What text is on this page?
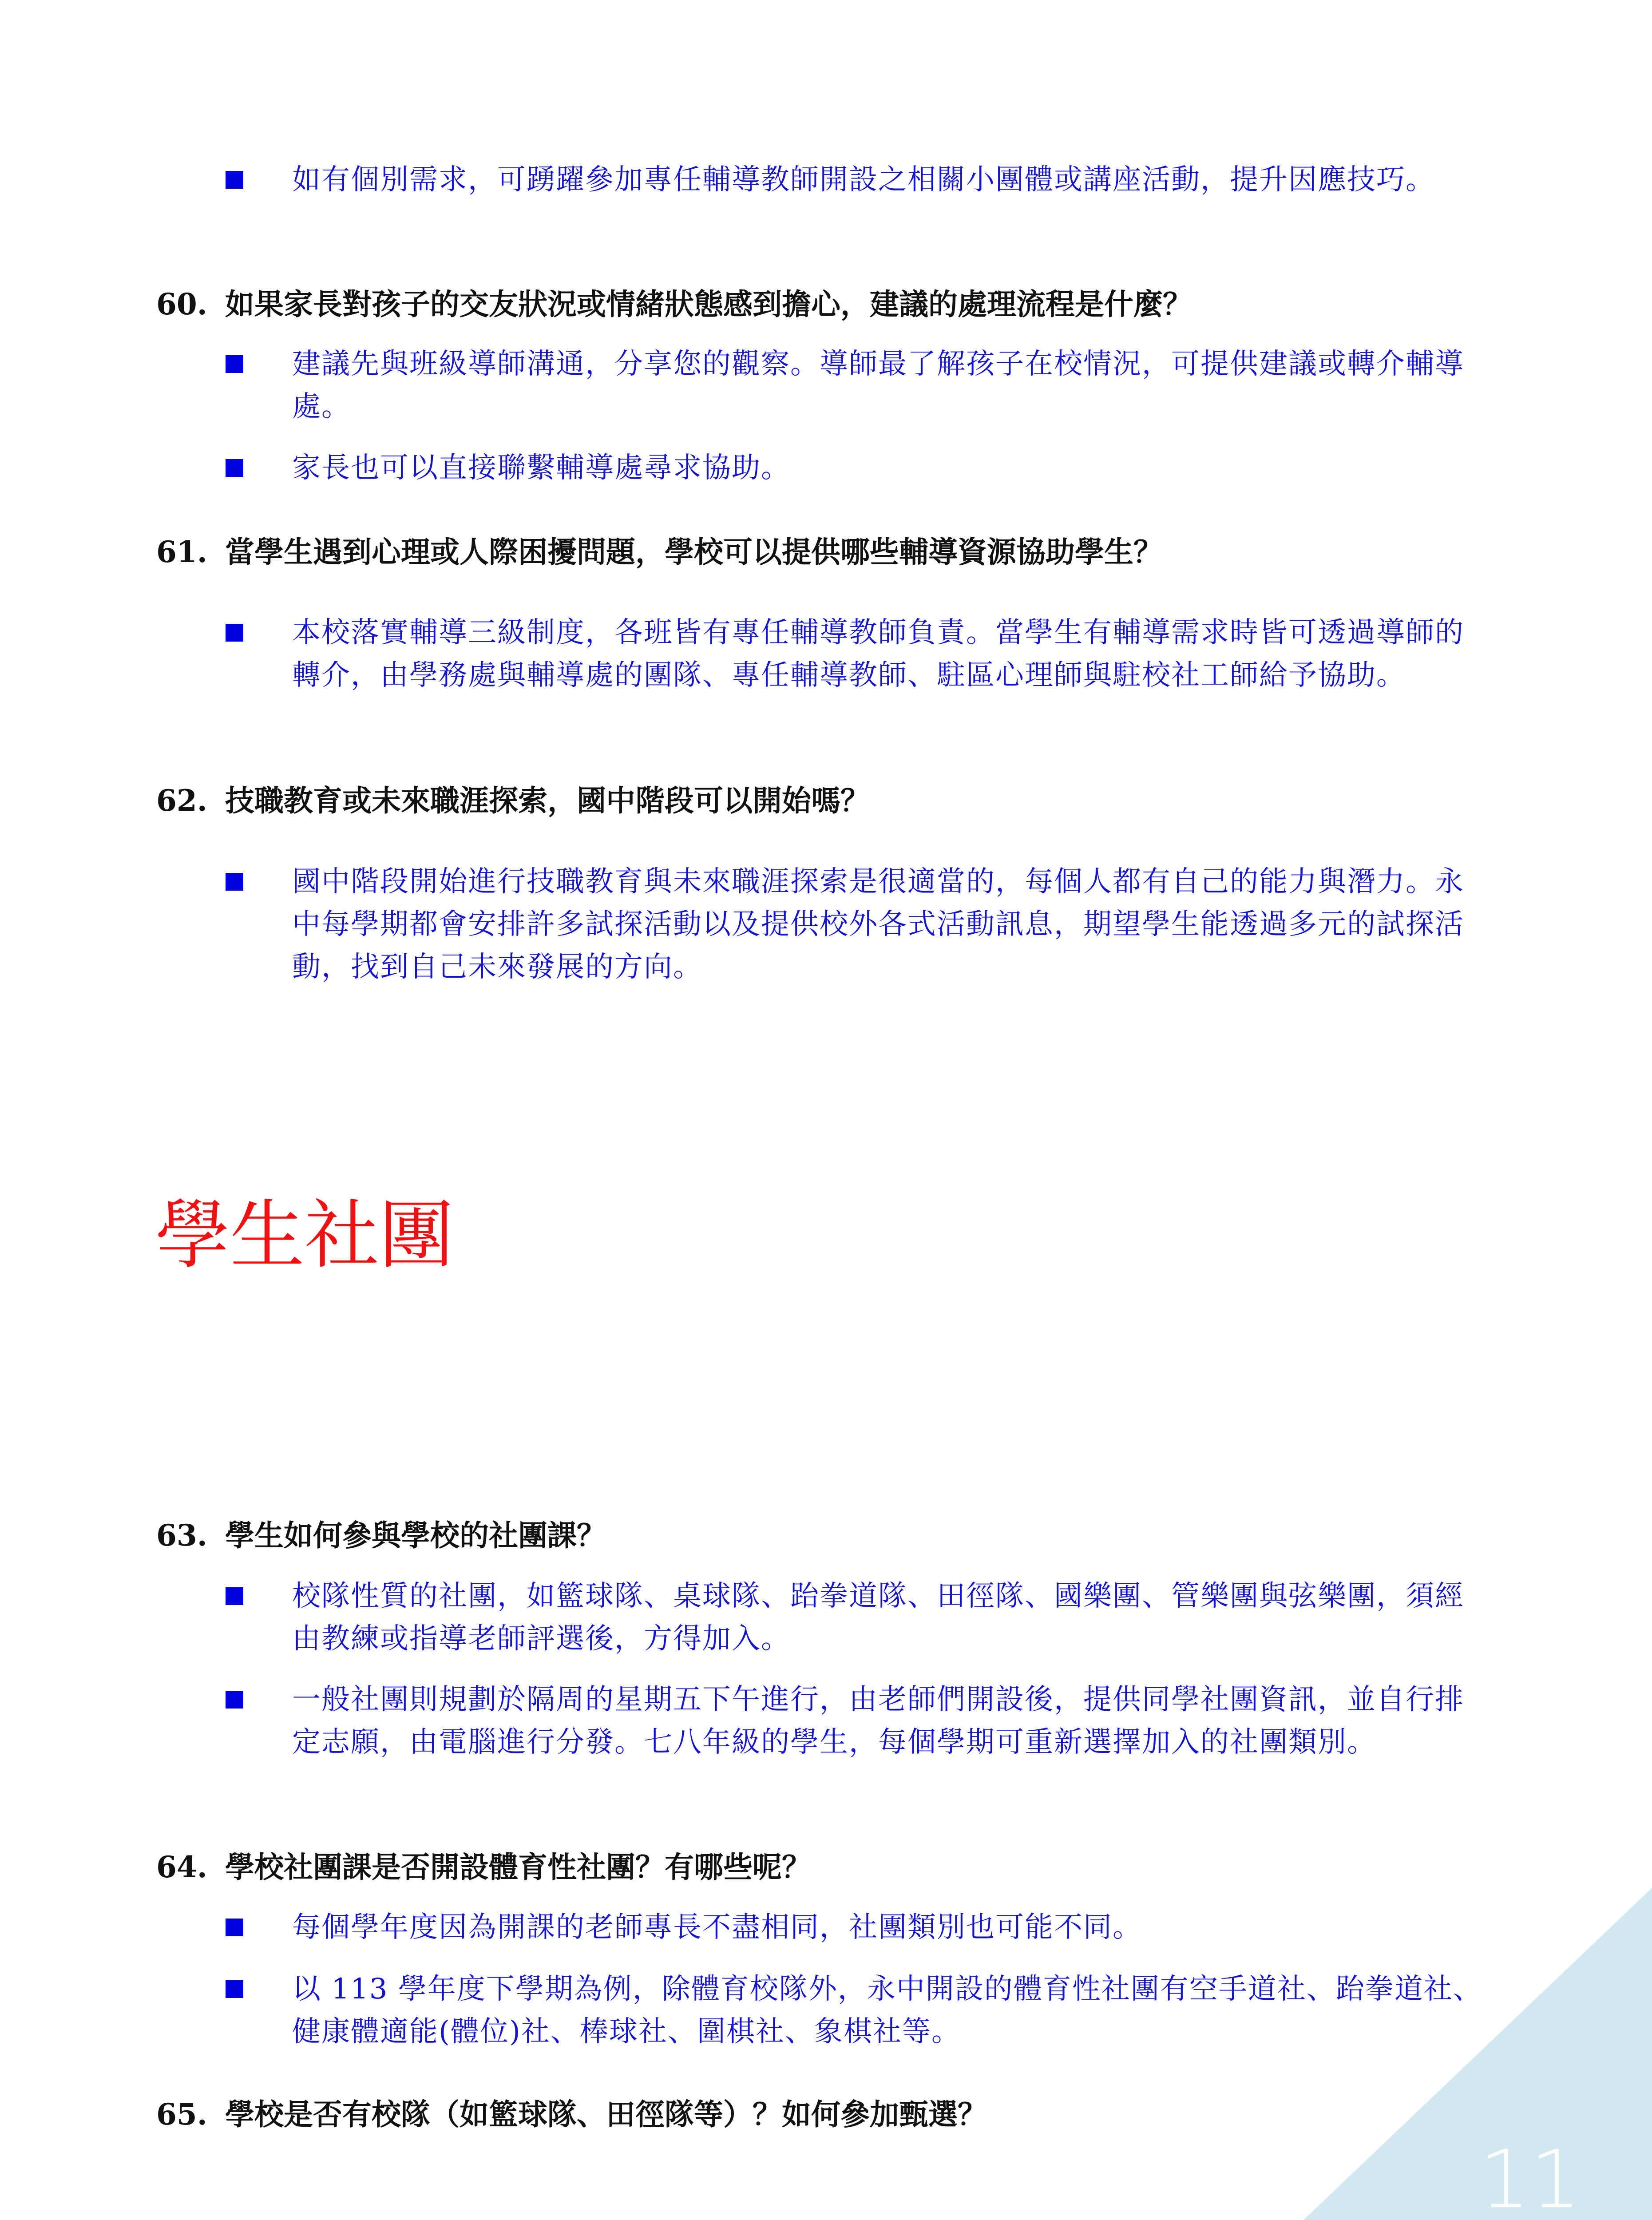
如有個別需求，可踴躍參加專任輔導教師開設之相關小團體或講座活動，提升因應技巧。
60. 如果家長對孩子的交友狀況或情緒狀態感到擔心，建議的處理流程是什麼？
建議先與班級導師溝通，分享您的觀察。導師最了解孩子在校情況，可提供建議或轉介輔導處。
家長也可以直接聯繫輔導處尋求協助。
61. 當學生遇到心理或人際困擾問題，學校可以提供哪些輔導資源協助學生？
本校落實輔導三級制度，各班皆有專任輔導教師負責。當學生有輔導需求時皆可透過導師的轉介，由學務處與輔導處的團隊、專任輔導教師、駐區心理師與駐校社工師給予協助。
62. 技職教育或未來職涯探索，國中階段可以開始嗎？
國中階段開始進行技職教育與未來職涯探索是很適當的，每個人都有自己的能力與潛力。永中每學期都會安排許多試探活動以及提供校外各式活動訊息，期望學生能透過多元的試探活動，找到自己未來發展的方向。
學生社團
63. 學生如何參與學校的社團課？
校隊性質的社團，如籃球隊、桌球隊、跆拳道隊、田徑隊、國樂團、管樂團與弦樂團，須經由教練或指導老師評選後，方得加入。
一般社團則規劃於隔周的星期五下午進行，由老師們開設後，提供同學社團資訊，並自行排定志願，由電腦進行分發。七八年級的學生，每個學期可重新選擇加入的社團類別。
64. 學校社團課是否開設體育性社團？有哪些呢？
每個學年度因為開課的老師專長不盡相同，社團類別也可能不同。
以 113 學年度下學期為例，除體育校隊外，永中開設的體育性社團有空手道社、跆拳道社、健康體適能(體位)社、棒球社、圍棋社、象棋社等。
65. 學校是否有校隊（如籃球隊、田徑隊等）？如何參加甄選？
11
